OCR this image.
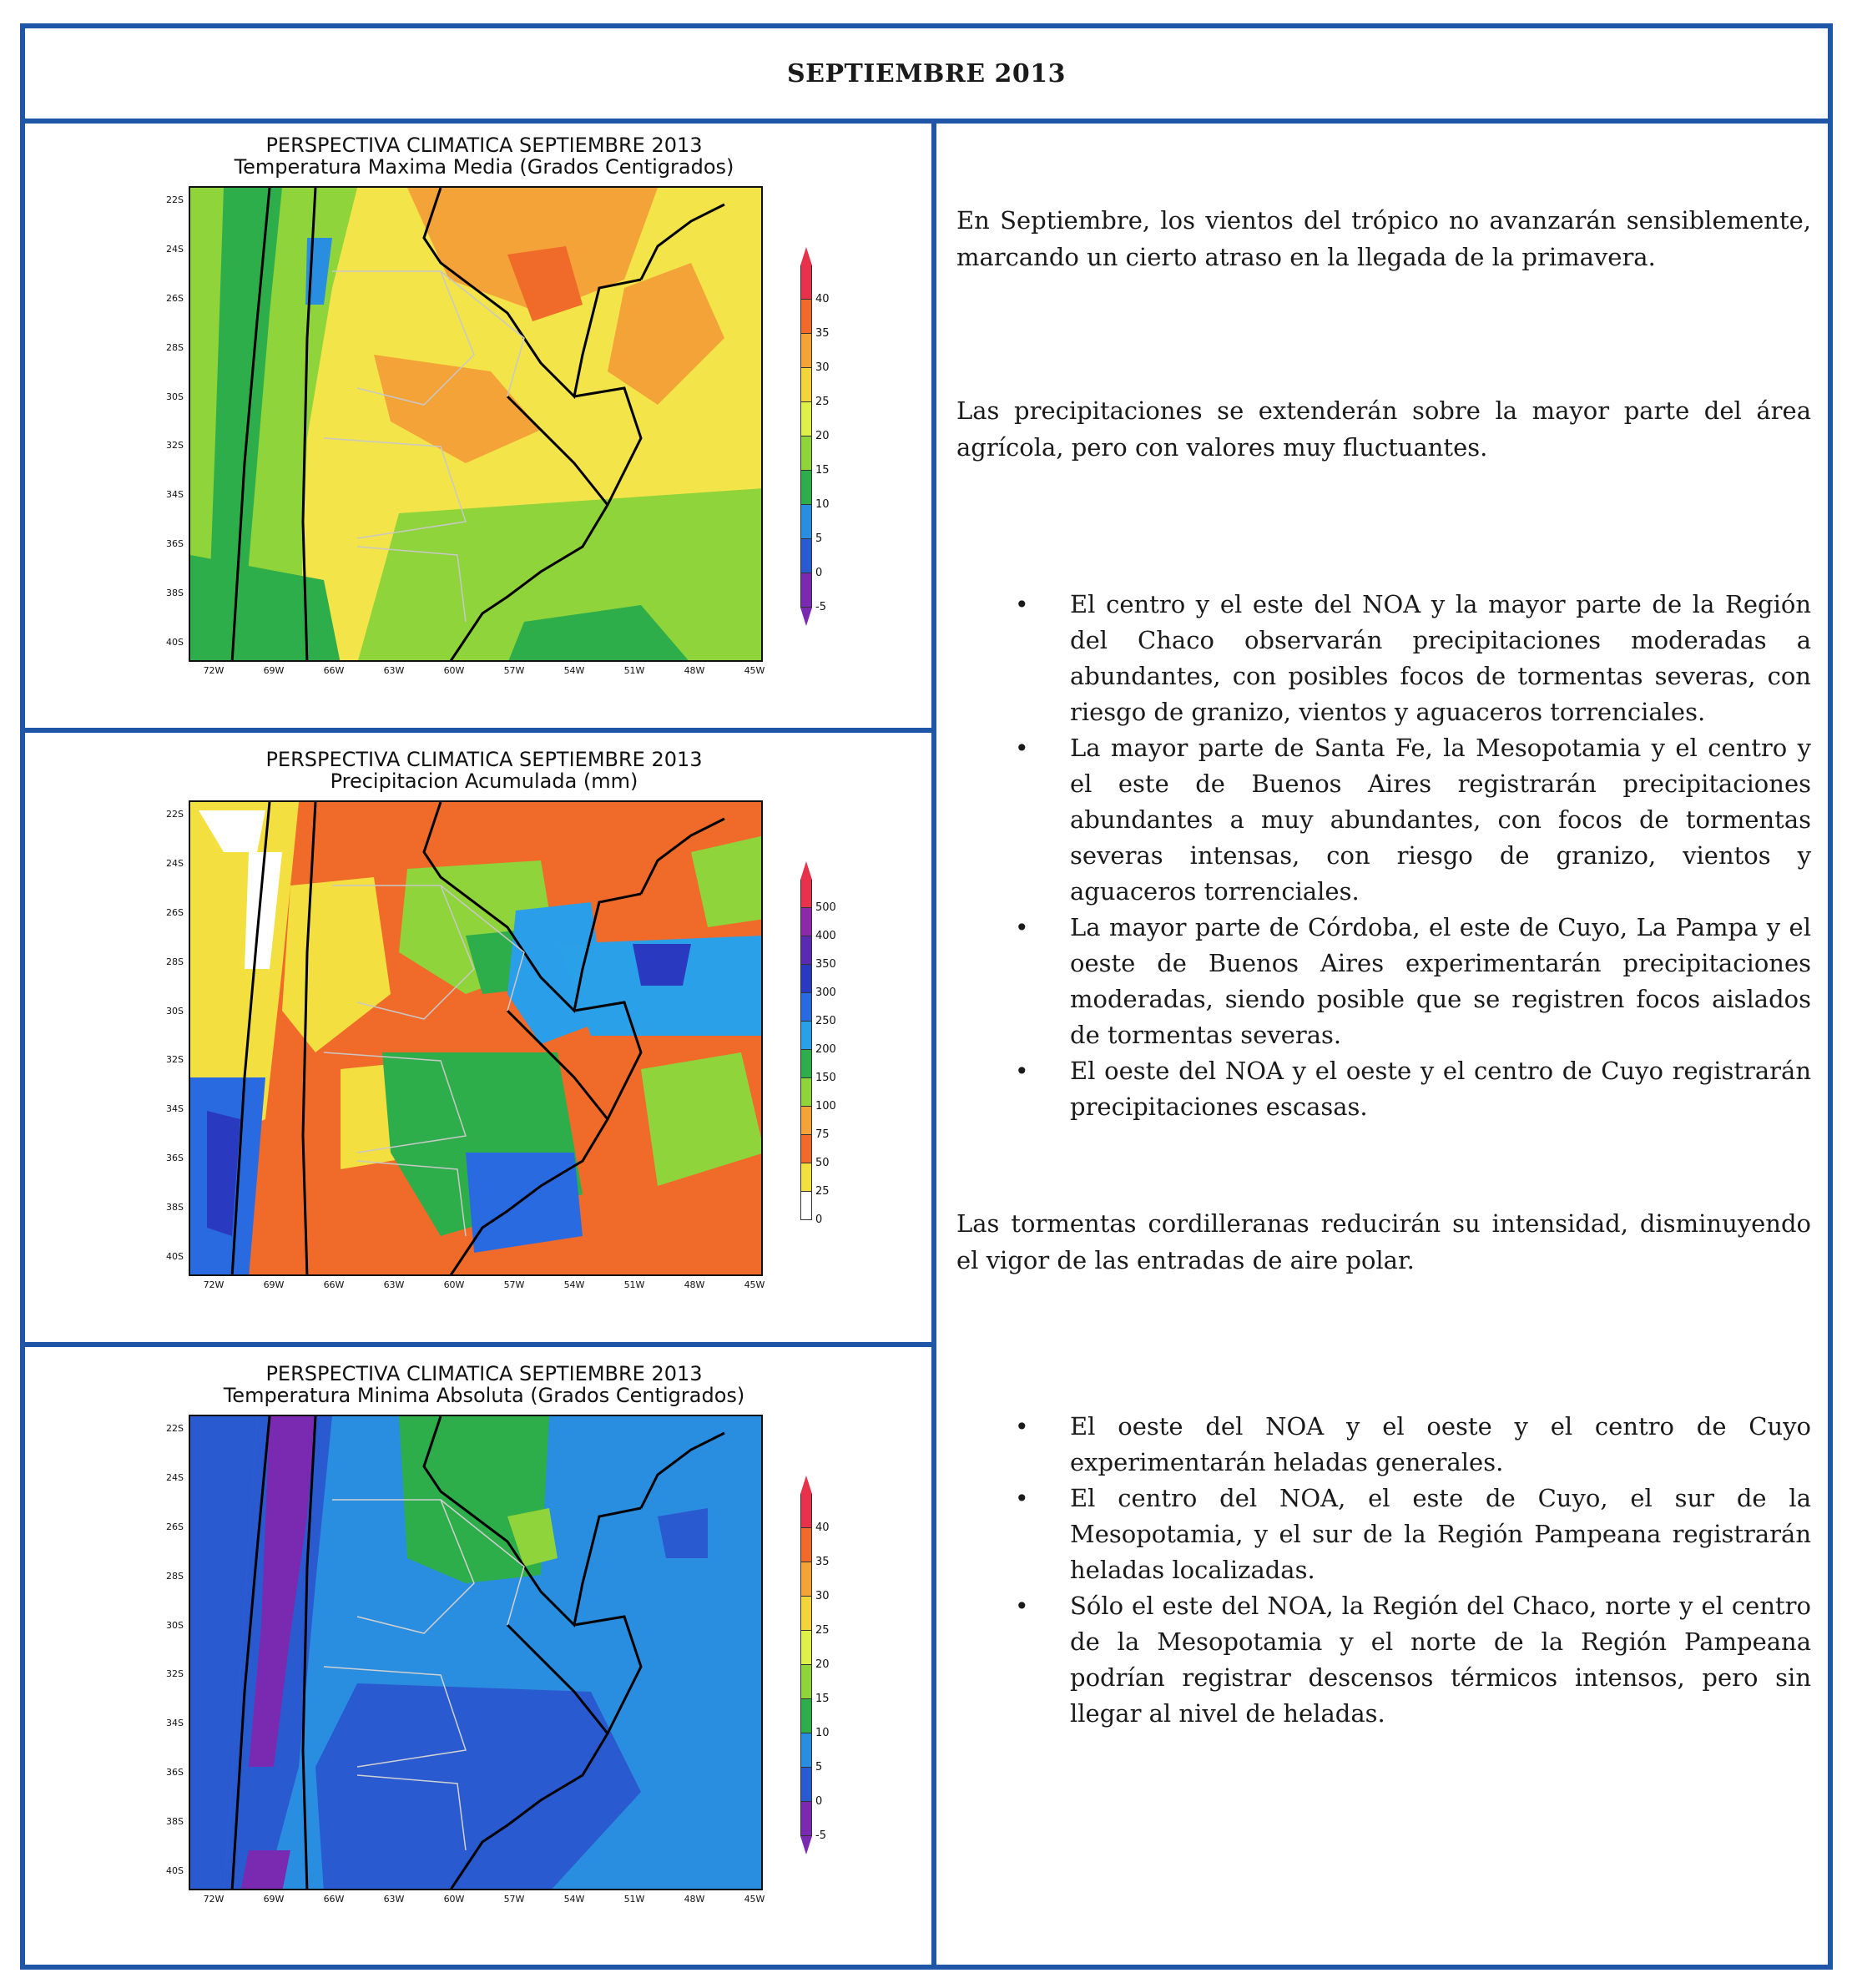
SEPTIEMBRE 2013
PERSPECTIVA CLIMATICA SEPTIEMBRE 2013
Temperatura Maxima Media (Grados Centigrados)
22S
24S
26S
28S
30S
32S
34S
36S
38S
40S
40
35
30
25
20
15
10
5
0
-5
72W	69W	66W	63W	60W	57W	54W	51W	48W	45W
PERSPECTIVA CLIMATICA SEPTIEMBRE 2013
Precipitacion Acumulada (mm)
22S
24S
26S
28S
30S
32S
34S
36S
38S
40S
500
400
350
300
250
200
150
100
75
50
25
0
72W	69W	66W	63W	60W	57W	54W	51W	48W	45W
PERSPECTIVA CLIMATICA SEPTIEMBRE 2013
Temperatura Minima Absoluta (Grados Centigrados)
22S
24S
26S
28S
30S
32S
34S
36S
38S
40S
40
35
30
25
20
15
10
5
0
-5
72W	69W	66W	63W	60W	57W	54W	51W	48W	45W
En Septiembre, los vientos del trópico no avanzarán sensiblemente, marcando un cierto atraso en la llegada de la primavera.
Las precipitaciones se extenderán sobre la mayor parte del área agrícola, pero con valores muy fluctuantes.
• El centro y el este del NOA y la mayor parte de la Región del Chaco observarán precipitaciones moderadas a abundantes, con posibles focos de tormentas severas, con riesgo de granizo, vientos y aguaceros torrenciales.
• La mayor parte de Santa Fe, la Mesopotamia y el centro y el este de Buenos Aires registrarán precipitaciones abundantes a muy abundantes, con focos de tormentas severas intensas, con riesgo de granizo, vientos y aguaceros torrenciales.
• La mayor parte de Córdoba, el este de Cuyo, La Pampa y el oeste de Buenos Aires experimentarán precipitaciones moderadas, siendo posible que se registren focos aislados de tormentas severas.
• El oeste del NOA y el oeste y el centro de Cuyo registrarán precipitaciones escasas.
Las tormentas cordilleranas reducirán su intensidad, disminuyendo el vigor de las entradas de aire polar.
• El oeste del NOA y el oeste y el centro de Cuyo experimentarán heladas generales.
• El centro del NOA, el este de Cuyo, el sur de la Mesopotamia, y el sur de la Región Pampeana registrarán heladas localizadas.
• Sólo el este del NOA, la Región del Chaco, norte y el centro de la Mesopotamia y el norte de la Región Pampeana podrían registrar descensos térmicos intensos, pero sin llegar al nivel de heladas.
